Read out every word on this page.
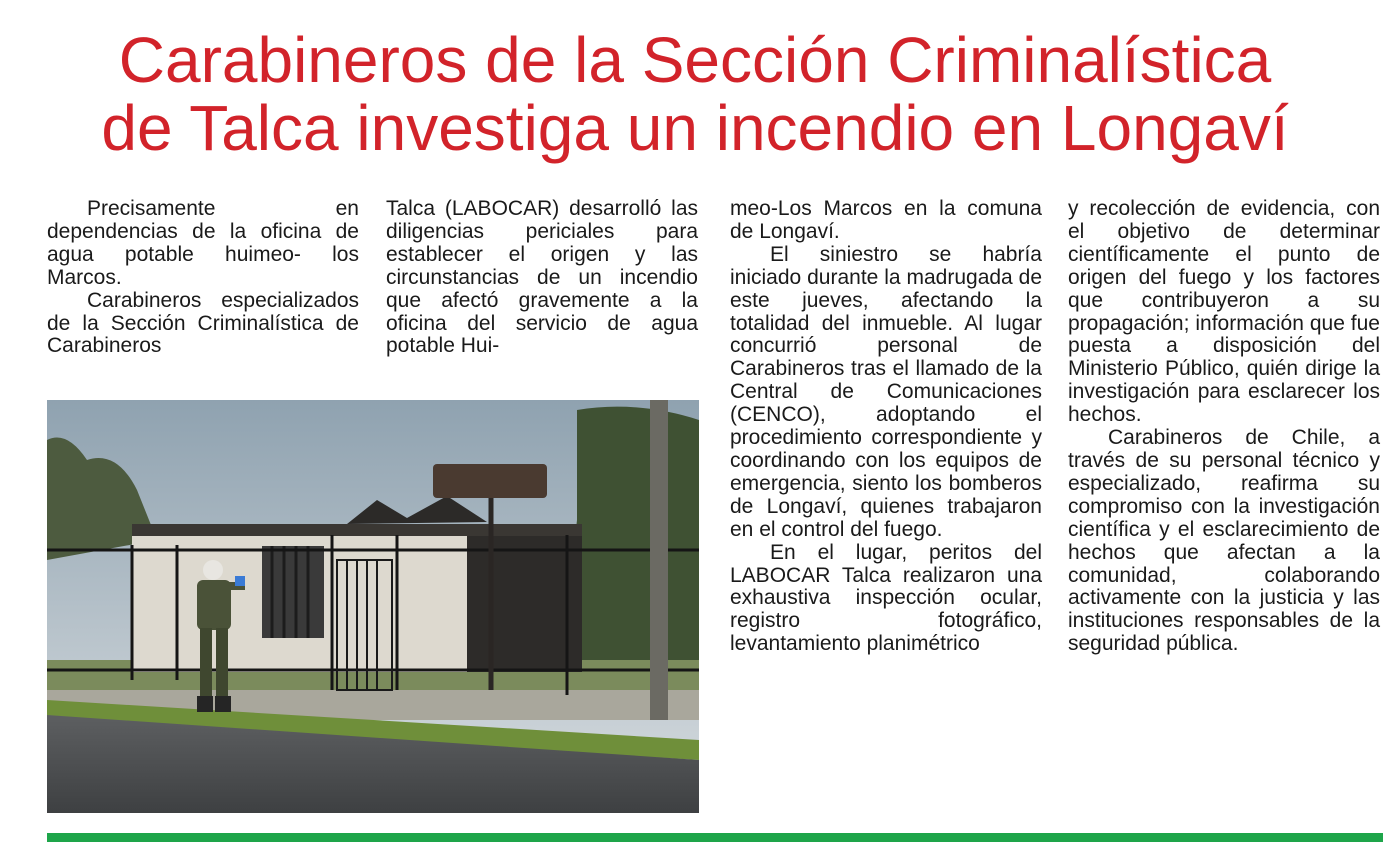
Carabineros de la Sección Criminalística
de Talca investiga un incendio en Longaví

Precisamente en dependencias de la oficina de agua potable huimeo- los Marcos.

Carabineros especializados de la Sección Criminalística de Carabineros

Talca (LABOCAR) desarrolló las diligencias periciales para establecer el origen y las circunstancias de un incendio que afectó gravemente a la oficina del servicio de agua potable Hui-

meo-Los Marcos en la comuna de Longaví.

El siniestro se habría iniciado durante la madrugada de este jueves, afectando la totalidad del inmueble. Al lugar concurrió personal de Carabineros tras el llamado de la Central de Comunicaciones (CENCO), adoptando el procedimiento correspondiente y coordinando con los equipos de emergencia, siento los bomberos de Longaví, quienes trabajaron en el control del fuego.

En el lugar, peritos del LABOCAR Talca realizaron una exhaustiva inspección ocular, registro fotográfico, levantamiento planimétrico

y recolección de evidencia, con el objetivo de determinar científicamente el punto de origen del fuego y los factores que contribuyeron a su propagación; información que fue puesta a disposición del Ministerio Público, quién dirige la investigación para esclarecer los hechos.

Carabineros de Chile, a través de su personal técnico y especializado, reafirma su compromiso con la investigación científica y el esclarecimiento de hechos que afectan a la comunidad, colaborando activamente con la justicia y las instituciones responsables de la seguridad pública.
